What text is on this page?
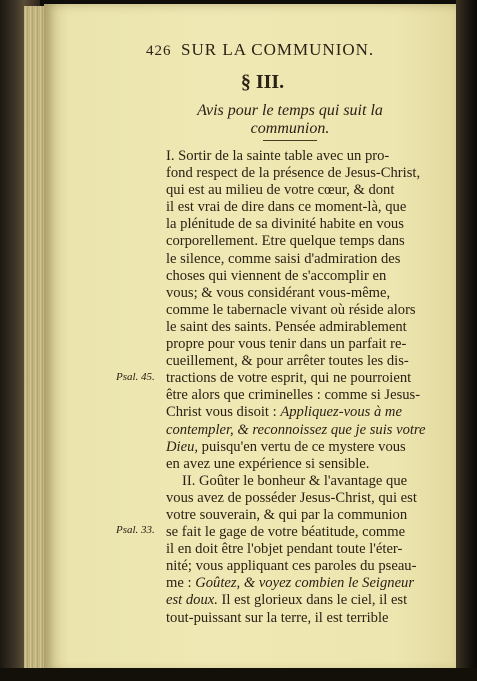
426 SUR LA COMMUNION.
§ III.
Avis pour le temps qui suit la
communion.
I. Sortir de la sainte table avec un pro-
fond respect de la présence de Jesus-Christ,
qui est au milieu de votre cœur, & dont
il est vrai de dire dans ce moment-là, que
la plénitude de sa divinité habite en vous
corporellement. Etre quelque temps dans
le silence, comme saisi d'admiration des
choses qui viennent de s'accomplir en
vous; & vous considérant vous-même,
comme le tabernacle vivant où réside alors
le saint des saints. Pensée admirablement
propre pour vous tenir dans un parfait re-
cueillement, & pour arrêter toutes les dis-
tractions de votre esprit, qui ne pourroient
être alors que criminelles : comme si Jesus-
Christ vous disoit : Appliquez-vous à me
contempler, & reconnoissez que je suis votre
Dieu, puisqu'en vertu de ce mystere vous
en avez une expérience si sensible.
II. Goûter le bonheur & l'avantage que
vous avez de posséder Jesus-Christ, qui est
votre souverain, & qui par la communion
se fait le gage de votre béatitude, comme
il en doit être l'objet pendant toute l'éter-
nité; vous appliquant ces paroles du pseau-
me : Goûtez, & voyez combien le Seigneur
est doux. Il est glorieux dans le ciel, il est
tout-puissant sur la terre, il est terrible
Psal. 45.
Psal. 33.
